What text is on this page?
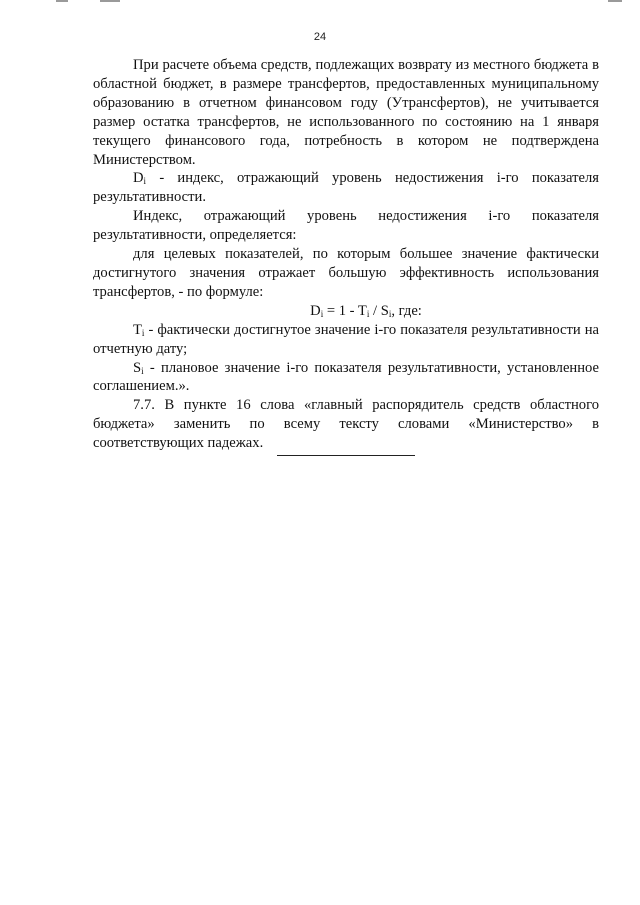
24

При расчете объема средств, подлежащих возврату из местного бюджета в областной бюджет, в размере трансфертов, предоставленных муниципальному образованию в отчетном финансовом году (Утрансфертов), не учитывается размер остатка трансфертов, не использованного по состоянию на 1 января текущего финансового года, потребность в котором не подтверждена Министерством.

$D_i$ - индекс, отражающий уровень недостижения i-го показателя результативности.

Индекс, отражающий уровень недостижения i-го показателя результативности, определяется:

для целевых показателей, по которым большее значение фактически достигнутого значения отражает большую эффективность использования трансфертов, - по формуле:

$D_i = 1 - T_i / S_i$, где:

$T_i$ - фактически достигнутое значение i-го показателя результативности на отчетную дату;

$S_i$ - плановое значение i-го показателя результативности, установленное соглашением.».

7.7. В пункте 16 слова «главный распорядитель средств областного бюджета» заменить по всему тексту словами «Министерство» в соответствующих падежах.
